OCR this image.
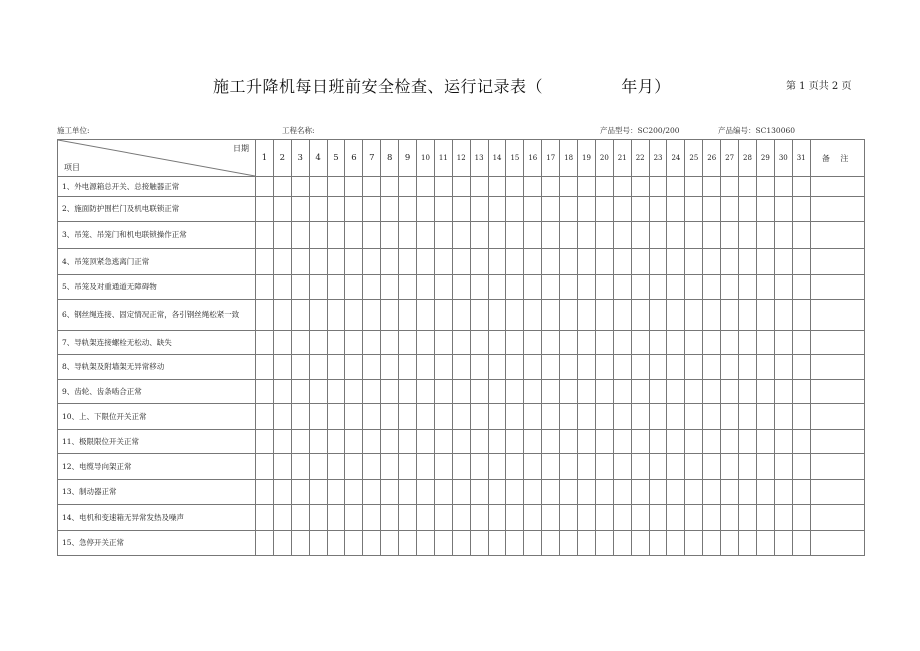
施工升降机每日班前安全检查、运行记录表（              年月）	第 1 页共 2 页
施工单位:	工程名称:	产品型号：SC200/200	产品编号：SC130060
日期
项目	1	2	3	4	5	6	7	8	9	10	11	12	13	14	15	16	17	18	19	20	21	22	23	24	25	26	27	28	29	30	31	备 注
1、外电源箱总开关、总接触器正常																																
2、施面防护围栏门及机电联锁正常																																
3、吊笼、吊笼门和机电联锁操作正常																																
4、吊笼顶紧急逃离门正常																																
5、吊笼及对重通道无障碍物																																
6、钢丝绳连接、固定情况正常，各引钢丝绳松紧一致																																
7、导轨架连接螺栓无松动、缺失																																
8、导轨架及附墙架无异常移动																																
9、齿轮、齿条啮合正常																																
10、上、下限位开关正常																																
11、极限限位开关正常																																
12、电缆导向架正常																																
13、制动器正常																																
14、电机和变速箱无异常发热及噪声																																
15、急停开关正常																																
